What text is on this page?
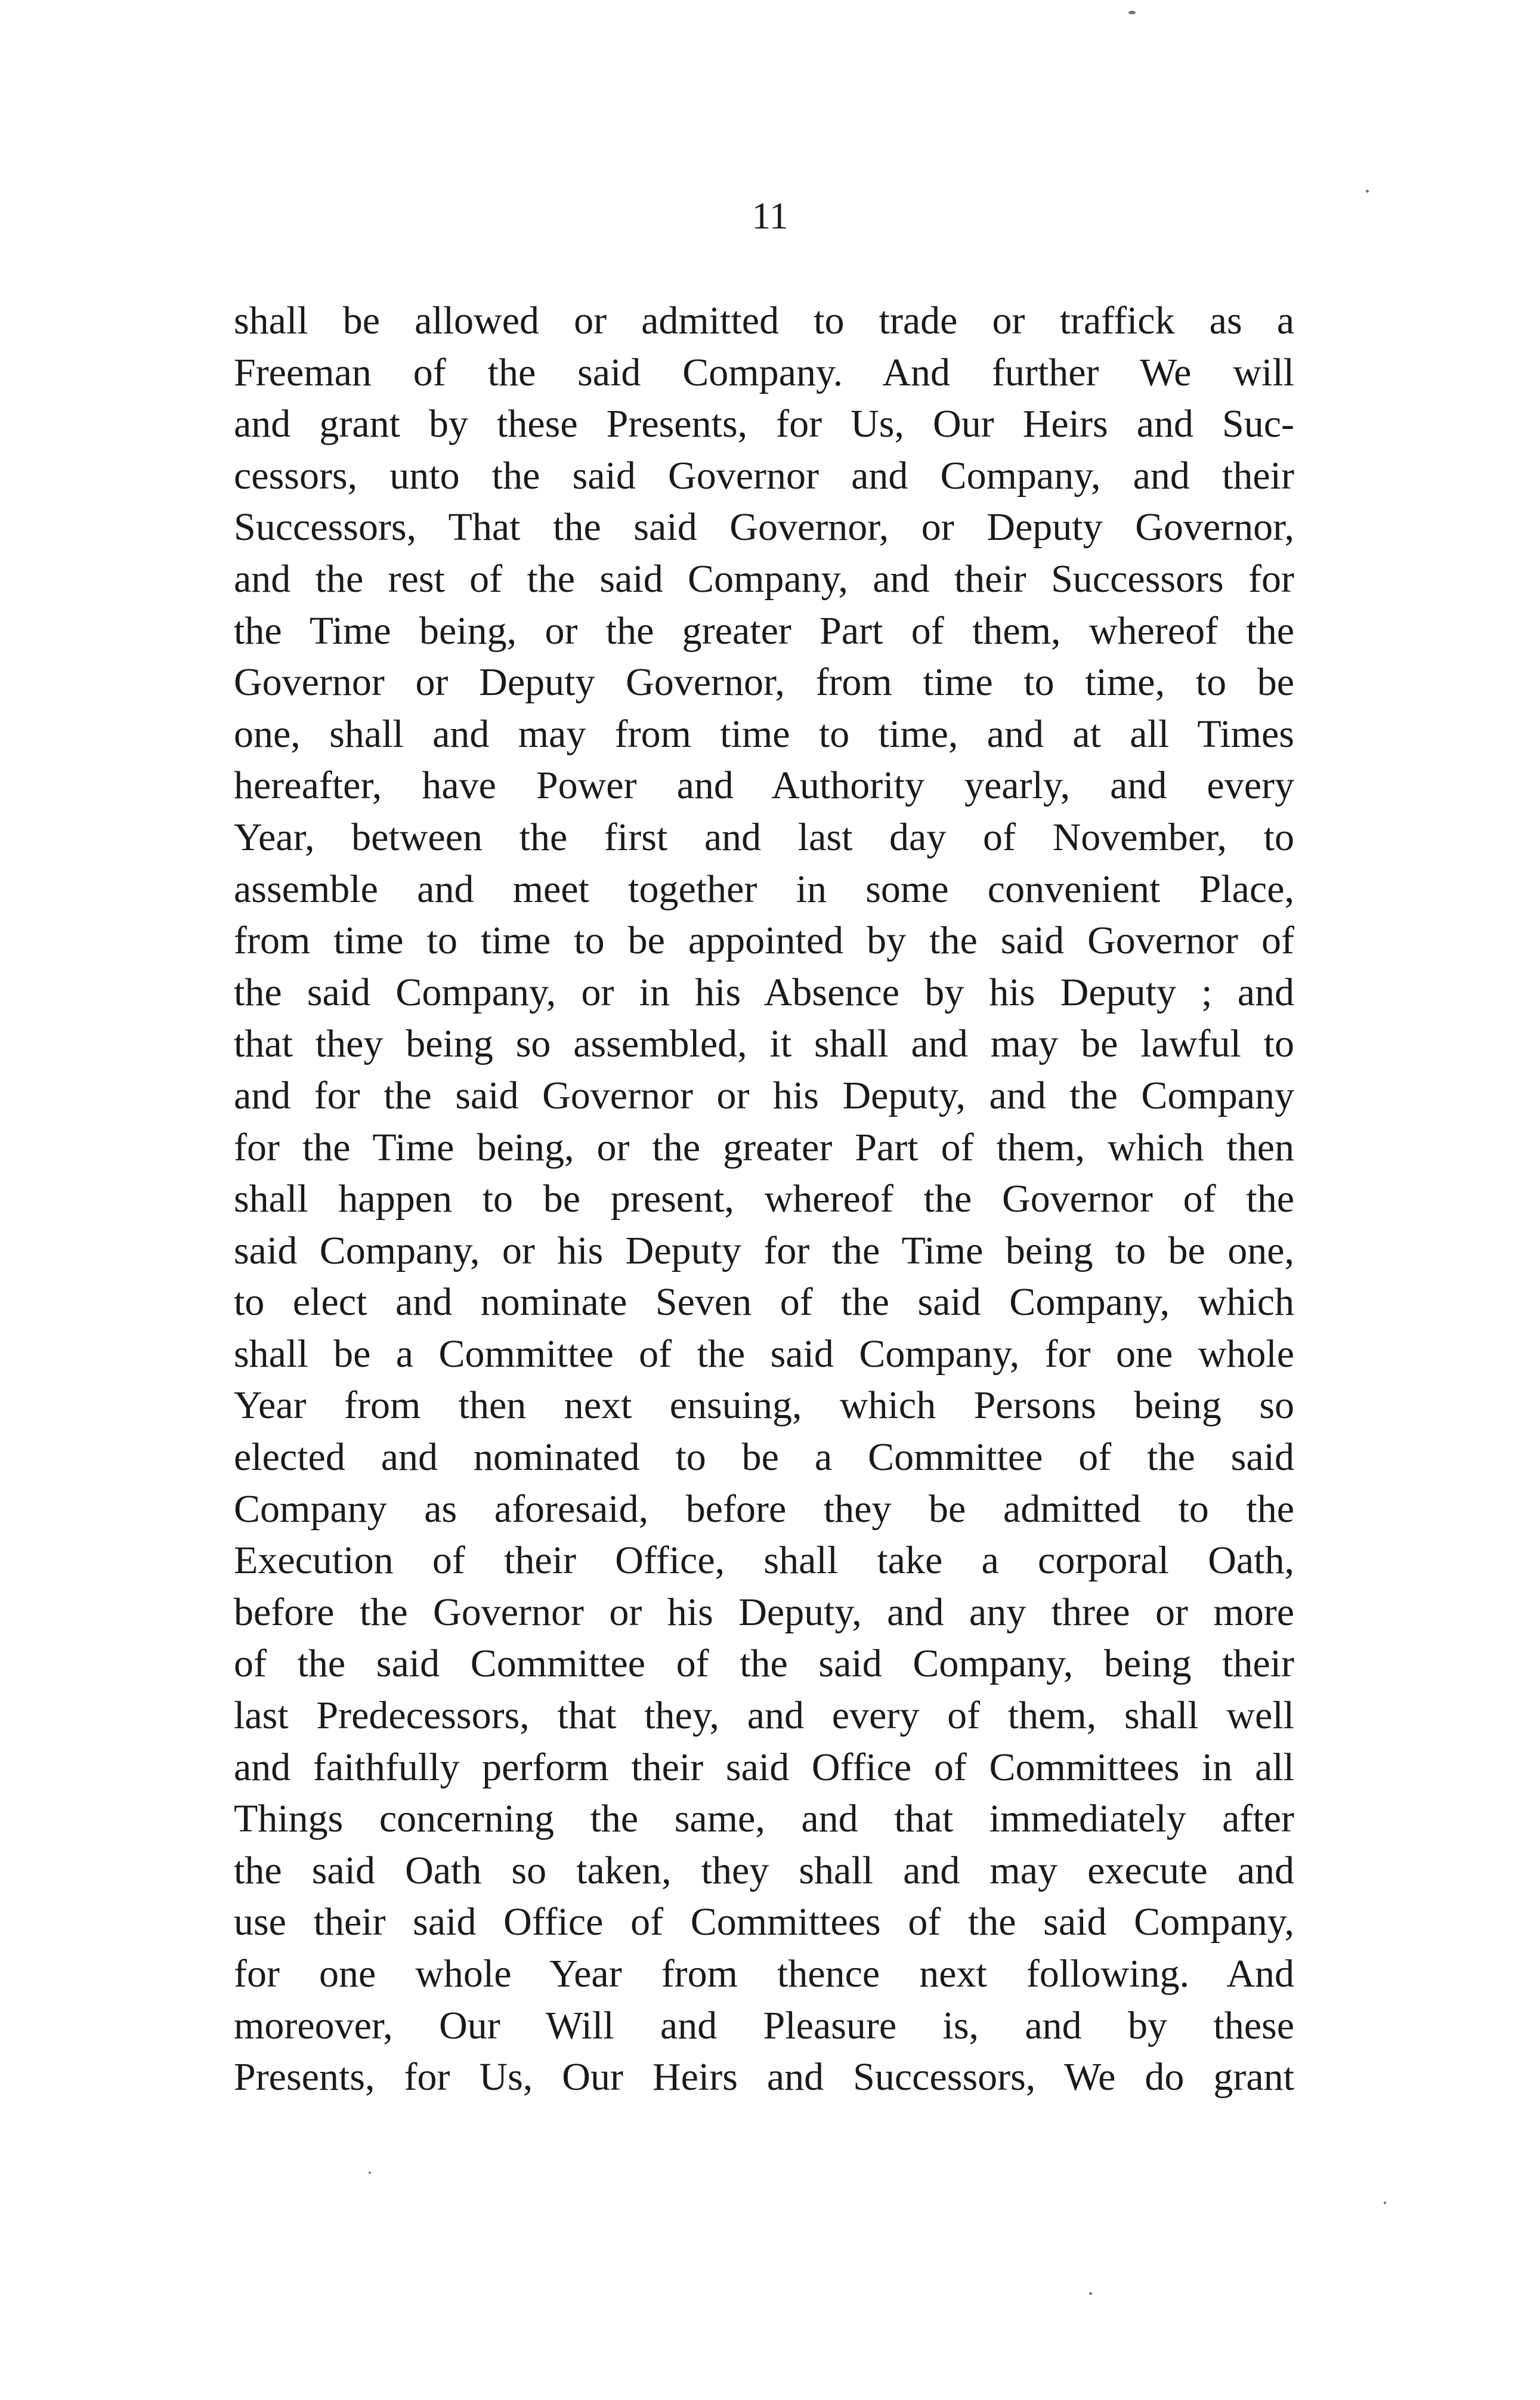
11
shall be allowed or admitted to trade or traffick as a
Freeman of the said Company. And further We will
and grant by these Presents, for Us, Our Heirs and Suc-
cessors, unto the said Governor and Company, and their
Successors, That the said Governor, or Deputy Governor,
and the rest of the said Company, and their Successors for
the Time being, or the greater Part of them, whereof the
Governor or Deputy Governor, from time to time, to be
one, shall and may from time to time, and at all Times
hereafter, have Power and Authority yearly, and every
Year, between the first and last day of November, to
assemble and meet together in some convenient Place,
from time to time to be appointed by the said Governor of
the said Company, or in his Absence by his Deputy ; and
that they being so assembled, it shall and may be lawful to
and for the said Governor or his Deputy, and the Company
for the Time being, or the greater Part of them, which then
shall happen to be present, whereof the Governor of the
said Company, or his Deputy for the Time being to be one,
to elect and nominate Seven of the said Company, which
shall be a Committee of the said Company, for one whole
Year from then next ensuing, which Persons being so
elected and nominated to be a Committee of the said
Company as aforesaid, before they be admitted to the
Execution of their Office, shall take a corporal Oath,
before the Governor or his Deputy, and any three or more
of the said Committee of the said Company, being their
last Predecessors, that they, and every of them, shall well
and faithfully perform their said Office of Committees in all
Things concerning the same, and that immediately after
the said Oath so taken, they shall and may execute and
use their said Office of Committees of the said Company,
for one whole Year from thence next following. And
moreover, Our Will and Pleasure is, and by these
Presents, for Us, Our Heirs and Successors, We do grant
